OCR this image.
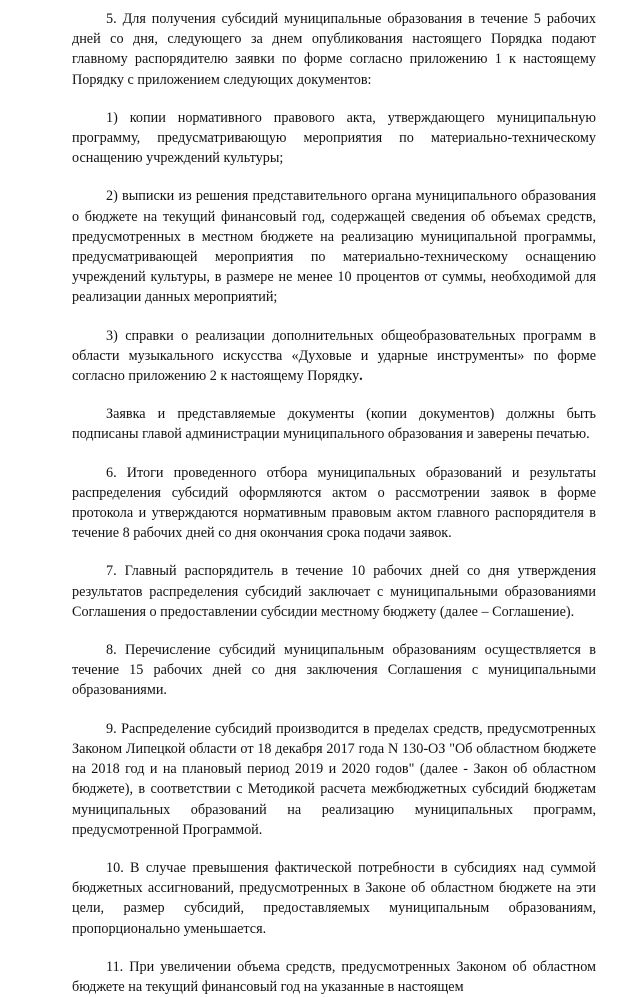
5. Для получения субсидий муниципальные образования в течение 5 рабочих дней со дня, следующего за днем опубликования настоящего Порядка подают главному распорядителю заявки по форме согласно приложению 1 к настоящему Порядку с приложением следующих документов:

1) копии нормативного правового акта, утверждающего муниципальную программу, предусматривающую мероприятия по материально-техническому оснащению учреждений культуры;

2) выписки из решения представительного органа муниципального образования о бюджете на текущий финансовый год, содержащей сведения об объемах средств, предусмотренных в местном бюджете на реализацию муниципальной программы, предусматривающей мероприятия по материально-техническому оснащению учреждений культуры, в размере не менее 10 процентов от суммы, необходимой для реализации данных мероприятий;

3) справки о реализации дополнительных общеобразовательных программ в области музыкального искусства «Духовые и ударные инструменты» по форме согласно приложению 2 к настоящему Порядку.

Заявка и представляемые документы (копии документов) должны быть подписаны главой администрации муниципального образования и заверены печатью.

6. Итоги проведенного отбора муниципальных образований и результаты распределения субсидий оформляются актом о рассмотрении заявок в форме протокола и утверждаются нормативным правовым актом главного распорядителя в течение 8 рабочих дней со дня окончания срока подачи заявок.

7. Главный распорядитель в течение 10 рабочих дней со дня утверждения результатов распределения субсидий заключает с муниципальными образованиями Соглашения о предоставлении субсидии местному бюджету (далее – Соглашение).

8. Перечисление субсидий муниципальным образованиям осуществляется в течение 15 рабочих дней со дня заключения Соглашения с муниципальными образованиями.

9. Распределение субсидий производится в пределах средств, предусмотренных Законом Липецкой области от 18 декабря 2017 года N 130-ОЗ "Об областном бюджете на 2018 год и на плановый период 2019 и 2020 годов" (далее - Закон об областном бюджете), в соответствии с Методикой расчета межбюджетных субсидий бюджетам муниципальных образований на реализацию муниципальных программ, предусмотренной Программой.

10. В случае превышения фактической потребности в субсидиях над суммой бюджетных ассигнований, предусмотренных в Законе об областном бюджете на эти цели, размер субсидий, предоставляемых муниципальным образованиям, пропорционально уменьшается.

11. При увеличении объема средств, предусмотренных Законом об областном бюджете на текущий финансовый год на указанные в настоящем
